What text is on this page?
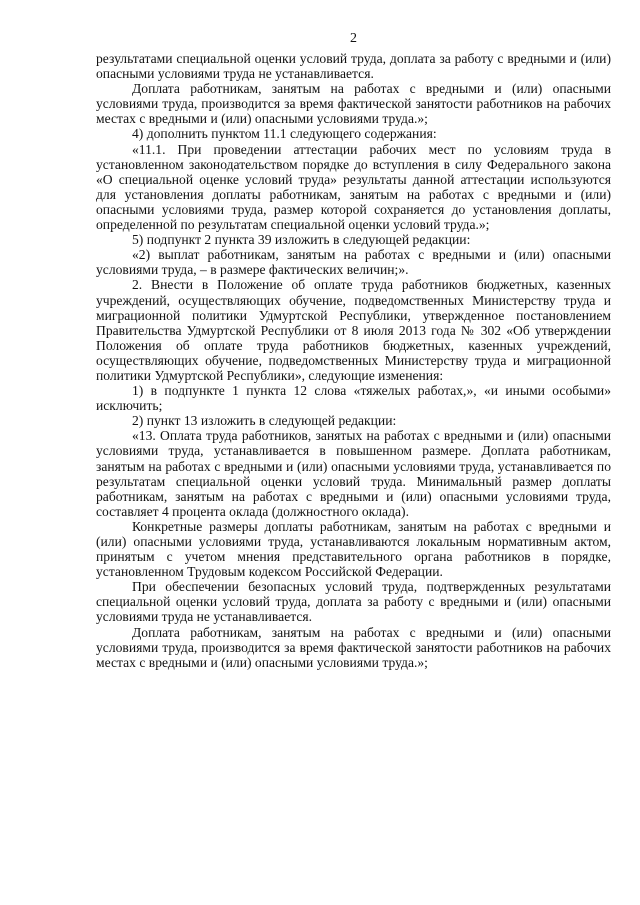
2

результатами специальной оценки условий труда, доплата за работу с вредными и (или) опасными условиями труда не устанавливается.

Доплата работникам, занятым на работах с вредными и (или) опасными условиями труда, производится за время фактической занятости работников на рабочих местах с вредными и (или) опасными условиями труда.»;

4) дополнить пунктом 11.1 следующего содержания:

«11.1. При проведении аттестации рабочих мест по условиям труда в установленном законодательством порядке до вступления в силу Федерального закона «О специальной оценке условий труда» результаты данной аттестации используются для установления доплаты работникам, занятым на работах с вредными и (или) опасными условиями труда, размер которой сохраняется до установления доплаты, определенной по результатам специальной оценки условий труда.»;

5) подпункт 2 пункта 39 изложить в следующей редакции:

«2) выплат работникам, занятым на работах с вредными и (или) опасными условиями труда, – в размере фактических величин;».

2. Внести в Положение об оплате труда работников бюджетных, казенных учреждений, осуществляющих обучение, подведомственных Министерству труда и миграционной политики Удмуртской Республики, утвержденное постановлением Правительства Удмуртской Республики от 8 июля 2013 года № 302 «Об утверждении Положения об оплате труда работников бюджетных, казенных учреждений, осуществляющих обучение, подведомственных Министерству труда и миграционной политики Удмуртской Республики», следующие изменения:

1) в подпункте 1 пункта 12 слова «тяжелых работах,», «и иными особыми» исключить;

2) пункт 13 изложить в следующей редакции:

«13. Оплата труда работников, занятых на работах с вредными и (или) опасными условиями труда, устанавливается в повышенном размере. Доплата работникам, занятым на работах с вредными и (или) опасными условиями труда, устанавливается по результатам специальной оценки условий труда. Минимальный размер доплаты работникам, занятым на работах с вредными и (или) опасными условиями труда, составляет 4 процента оклада (должностного оклада).

Конкретные размеры доплаты работникам, занятым на работах с вредными и (или) опасными условиями труда, устанавливаются локальным нормативным актом, принятым с учетом мнения представительного органа работников в порядке, установленном Трудовым кодексом Российской Федерации.

При обеспечении безопасных условий труда, подтвержденных результатами специальной оценки условий труда, доплата за работу с вредными и (или) опасными условиями труда не устанавливается.

Доплата работникам, занятым на работах с вредными и (или) опасными условиями труда, производится за время фактической занятости работников на рабочих местах с вредными и (или) опасными условиями труда.»;
